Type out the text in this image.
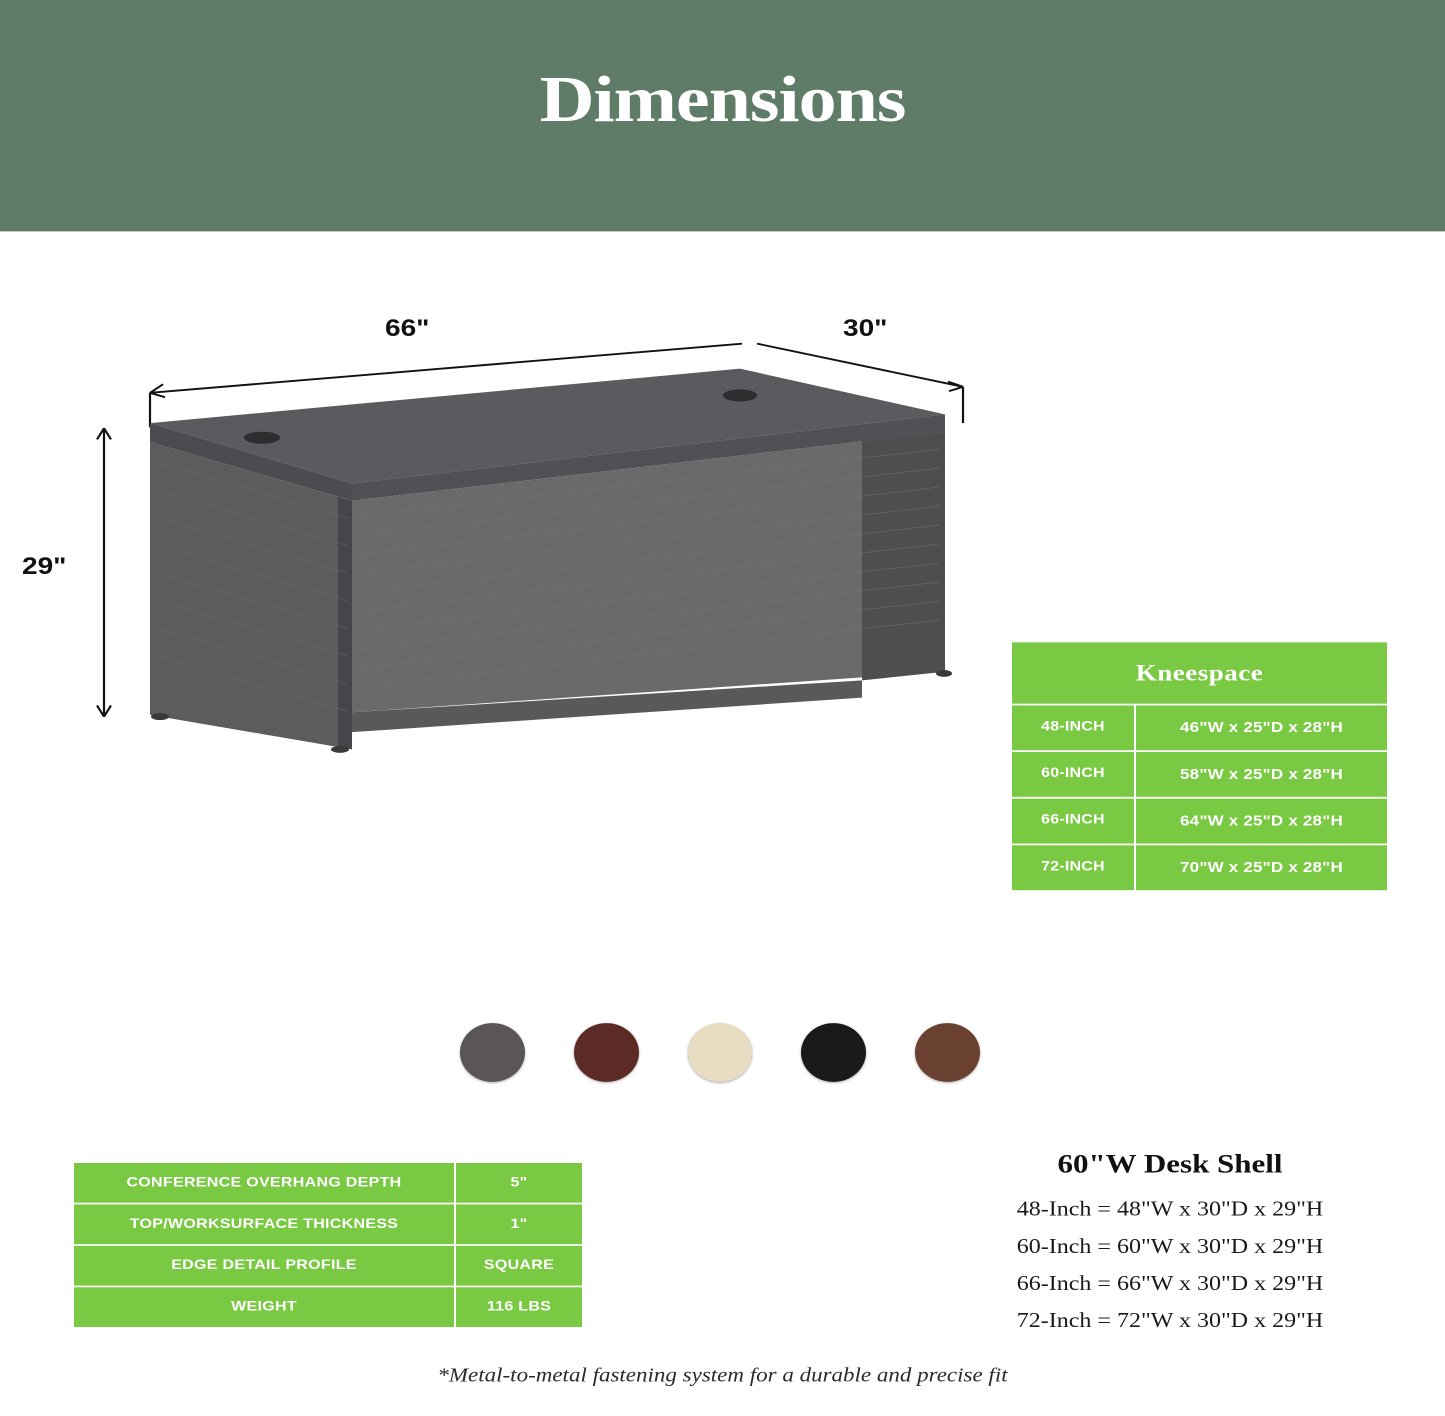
Dimensions
66"	30"
29"
Kneespace
48-INCH	46"W x 25"D x 28"H
60-INCH	58"W x 25"D x 28"H
66-INCH	64"W x 25"D x 28"H
72-INCH	70"W x 25"D x 28"H
CONFERENCE OVERHANG DEPTH	5"
TOP/WORKSURFACE THICKNESS	1"
EDGE DETAIL PROFILE	SQUARE
WEIGHT	116 LBS
60"W Desk Shell
48-Inch = 48"W x 30"D x 29"H
60-Inch = 60"W x 30"D x 29"H
66-Inch = 66"W x 30"D x 29"H
72-Inch = 72"W x 30"D x 29"H
*Metal-to-metal fastening system for a durable and precise fit
